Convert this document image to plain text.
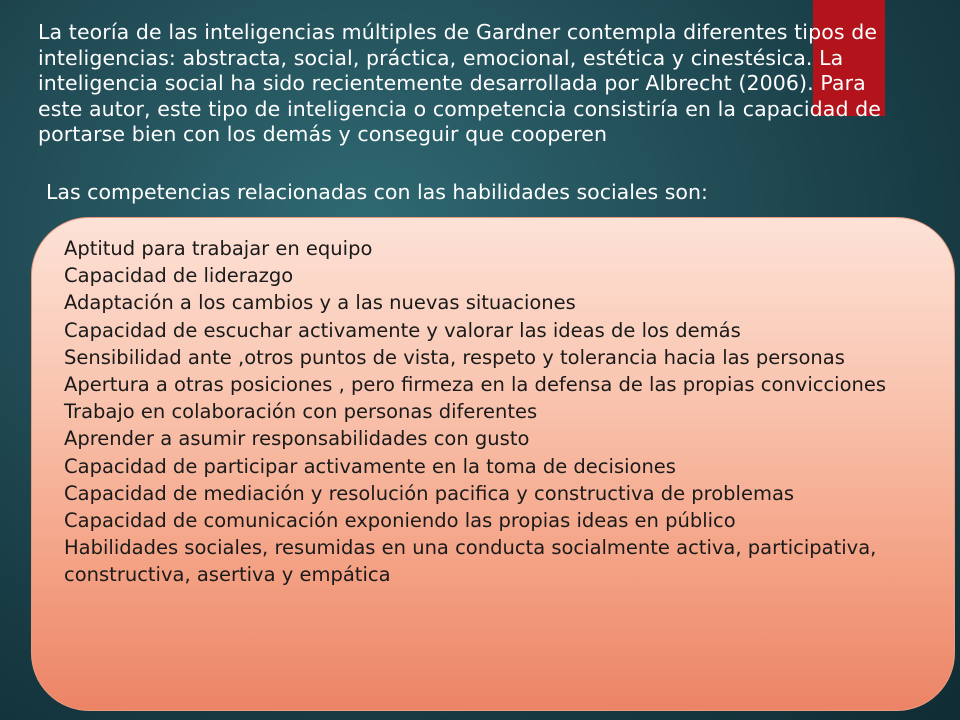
La teoría de las inteligencias múltiples de Gardner contempla diferentes tipos de inteligencias: abstracta, social, práctica, emocional, estética y cinestésica. La inteligencia social ha sido recientemente desarrollada por Albrecht (2006). Para este autor, este tipo de inteligencia o competencia consistiría en la capacidad de portarse bien con los demás y conseguir que cooperen

Las competencias relacionadas con las habilidades sociales son:

Aptitud para trabajar en equipo
Capacidad de liderazgo
Adaptación a los cambios y a las nuevas situaciones
Capacidad de escuchar activamente y valorar las ideas de los demás
Sensibilidad ante ,otros puntos de vista, respeto y tolerancia hacia las personas
Apertura a otras posiciones , pero firmeza en la defensa de las propias convicciones
Trabajo en colaboración con personas diferentes
Aprender a asumir responsabilidades con gusto
Capacidad de participar activamente en la toma de decisiones
Capacidad de mediación y resolución pacifica y constructiva de problemas
Capacidad de comunicación exponiendo las propias ideas en público
Habilidades sociales, resumidas en una conducta socialmente activa, participativa, constructiva, asertiva y empática
